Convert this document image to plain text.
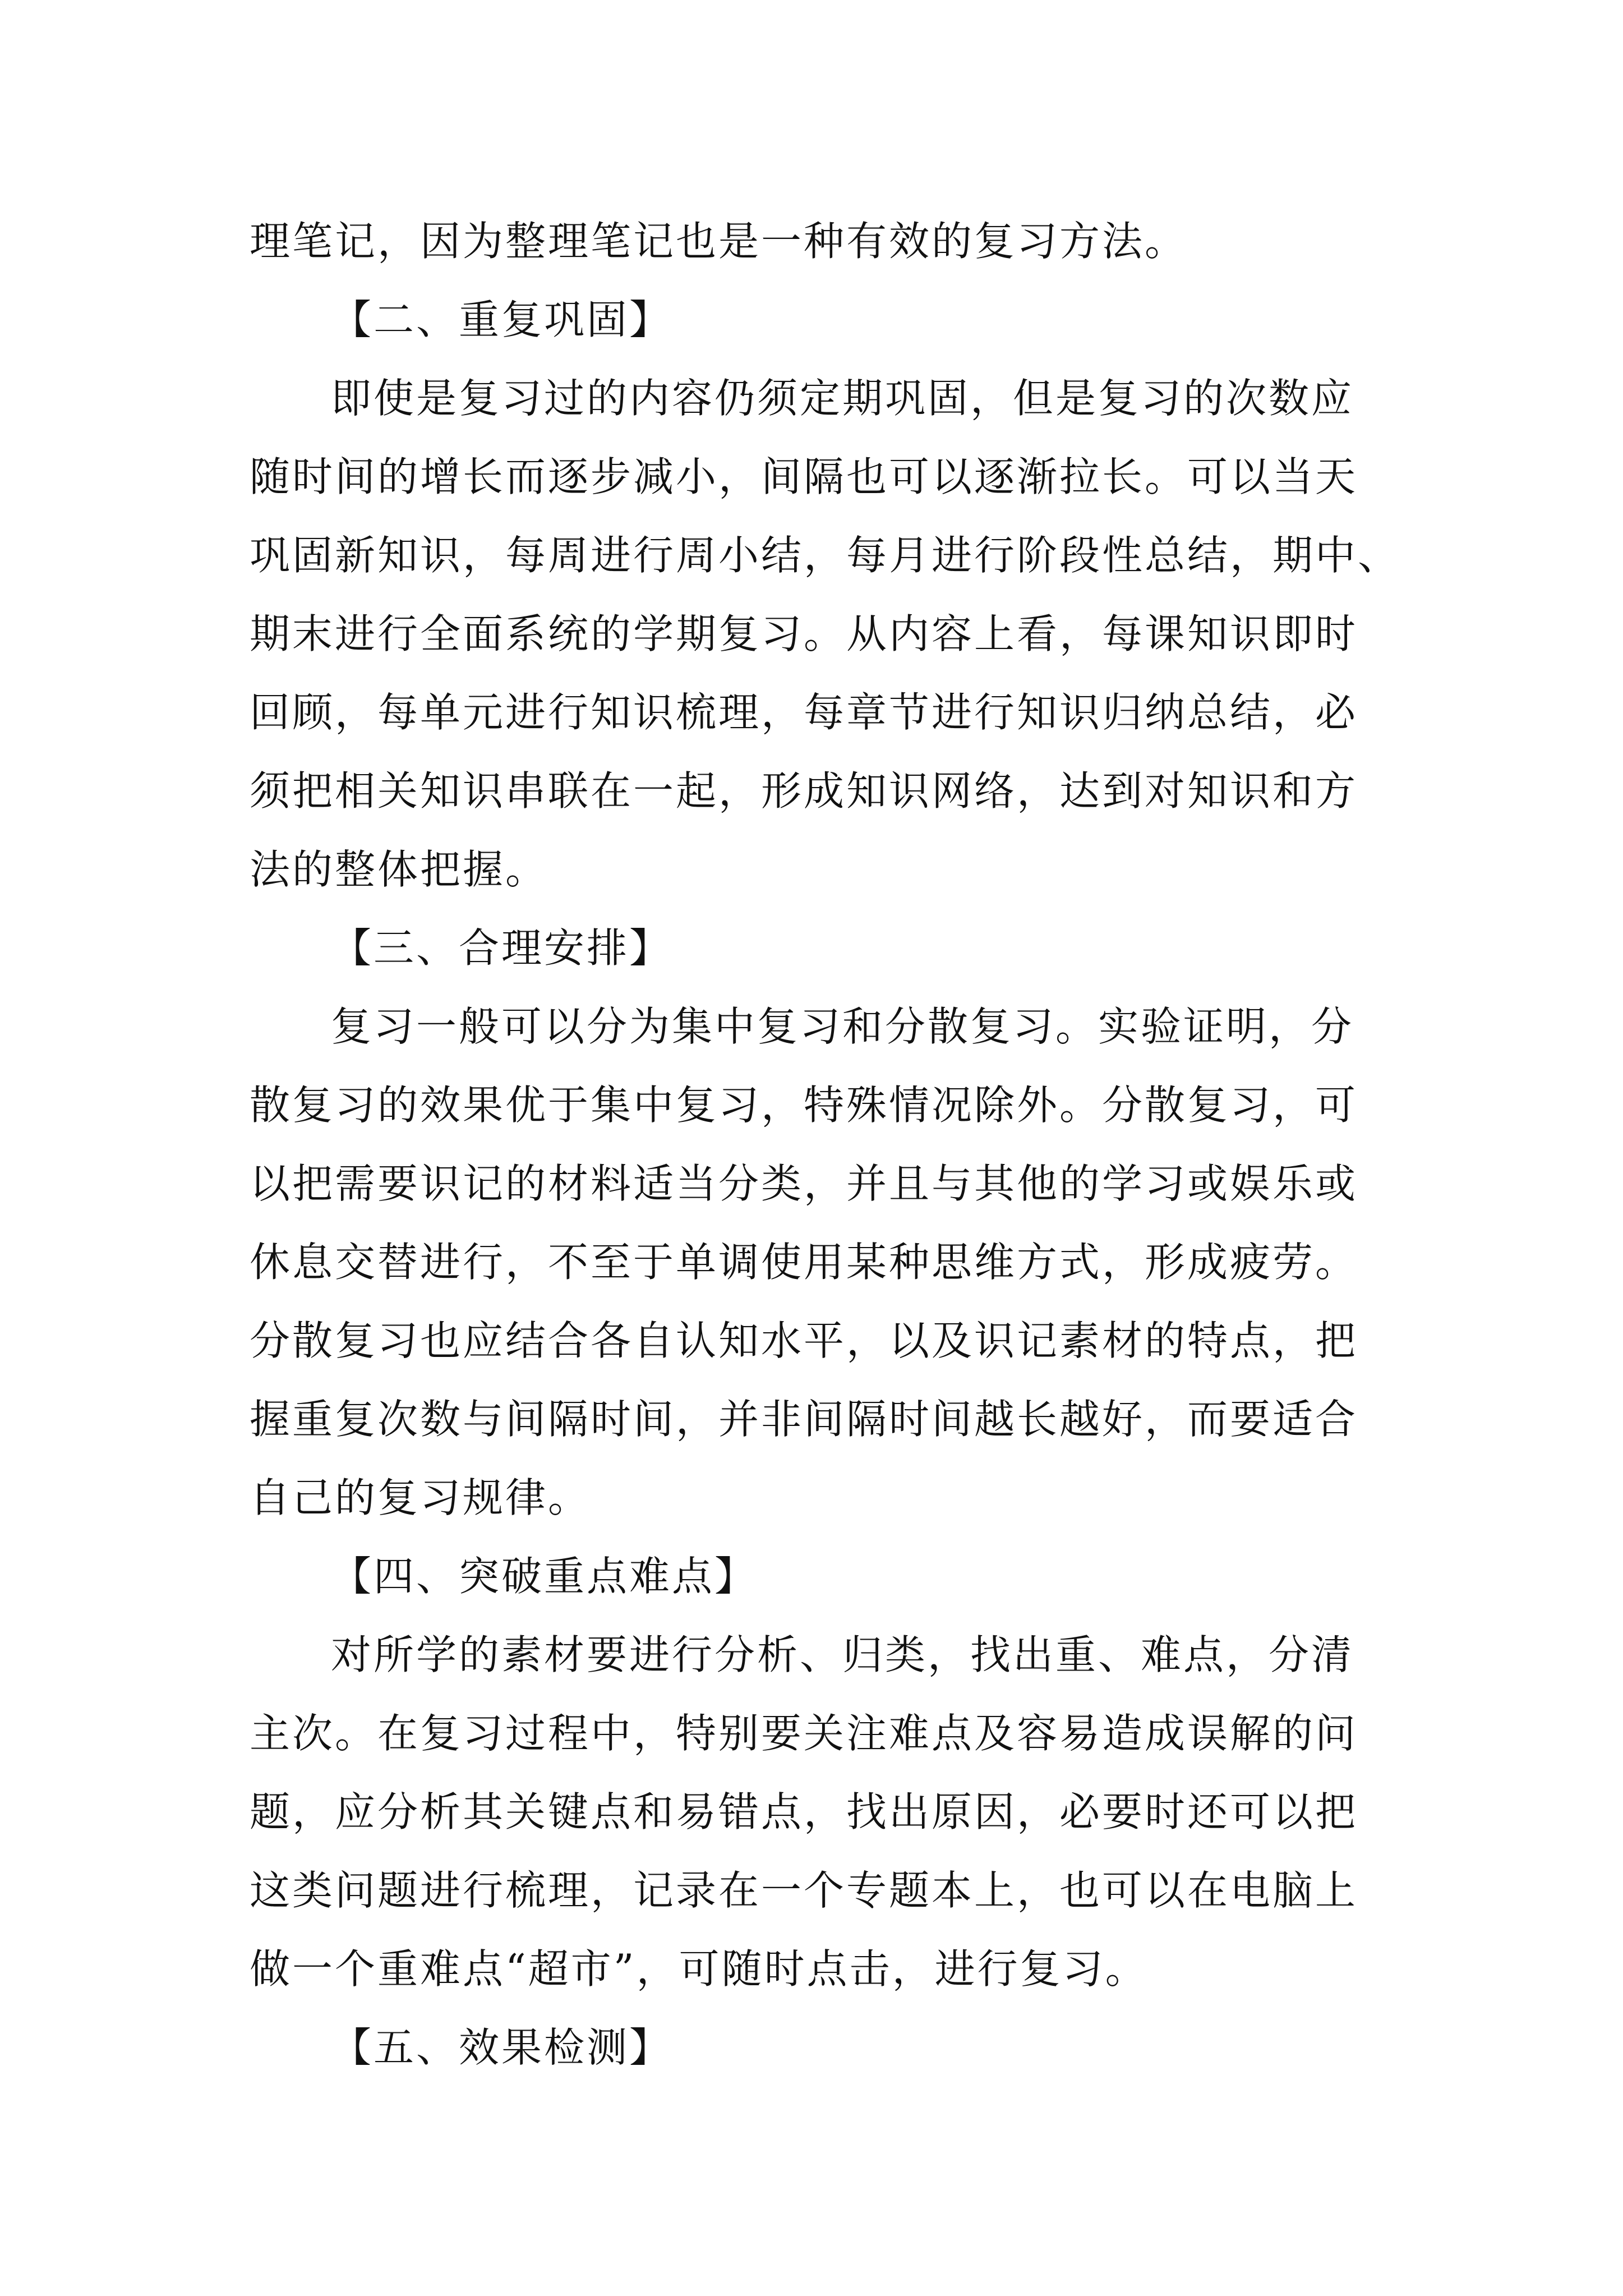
理笔记，因为整理笔记也是一种有效的复习方法。
【二、重复巩固】
即使是复习过的内容仍须定期巩固，但是复习的次数应
随时间的增长而逐步减小，间隔也可以逐渐拉长。可以当天
巩固新知识，每周进行周小结，每月进行阶段性总结，期中、
期末进行全面系统的学期复习。从内容上看，每课知识即时
回顾，每单元进行知识梳理，每章节进行知识归纳总结，必
须把相关知识串联在一起，形成知识网络，达到对知识和方
法的整体把握。
【三、合理安排】
复习一般可以分为集中复习和分散复习。实验证明，分
散复习的效果优于集中复习，特殊情况除外。分散复习，可
以把需要识记的材料适当分类，并且与其他的学习或娱乐或
休息交替进行，不至于单调使用某种思维方式，形成疲劳。
分散复习也应结合各自认知水平，以及识记素材的特点，把
握重复次数与间隔时间，并非间隔时间越长越好，而要适合
自己的复习规律。
【四、突破重点难点】
对所学的素材要进行分析、归类，找出重、难点，分清
主次。在复习过程中，特别要关注难点及容易造成误解的问
题，应分析其关键点和易错点，找出原因，必要时还可以把
这类问题进行梳理，记录在一个专题本上，也可以在电脑上
做一个重难点“超市”，可随时点击，进行复习。
【五、效果检测】
